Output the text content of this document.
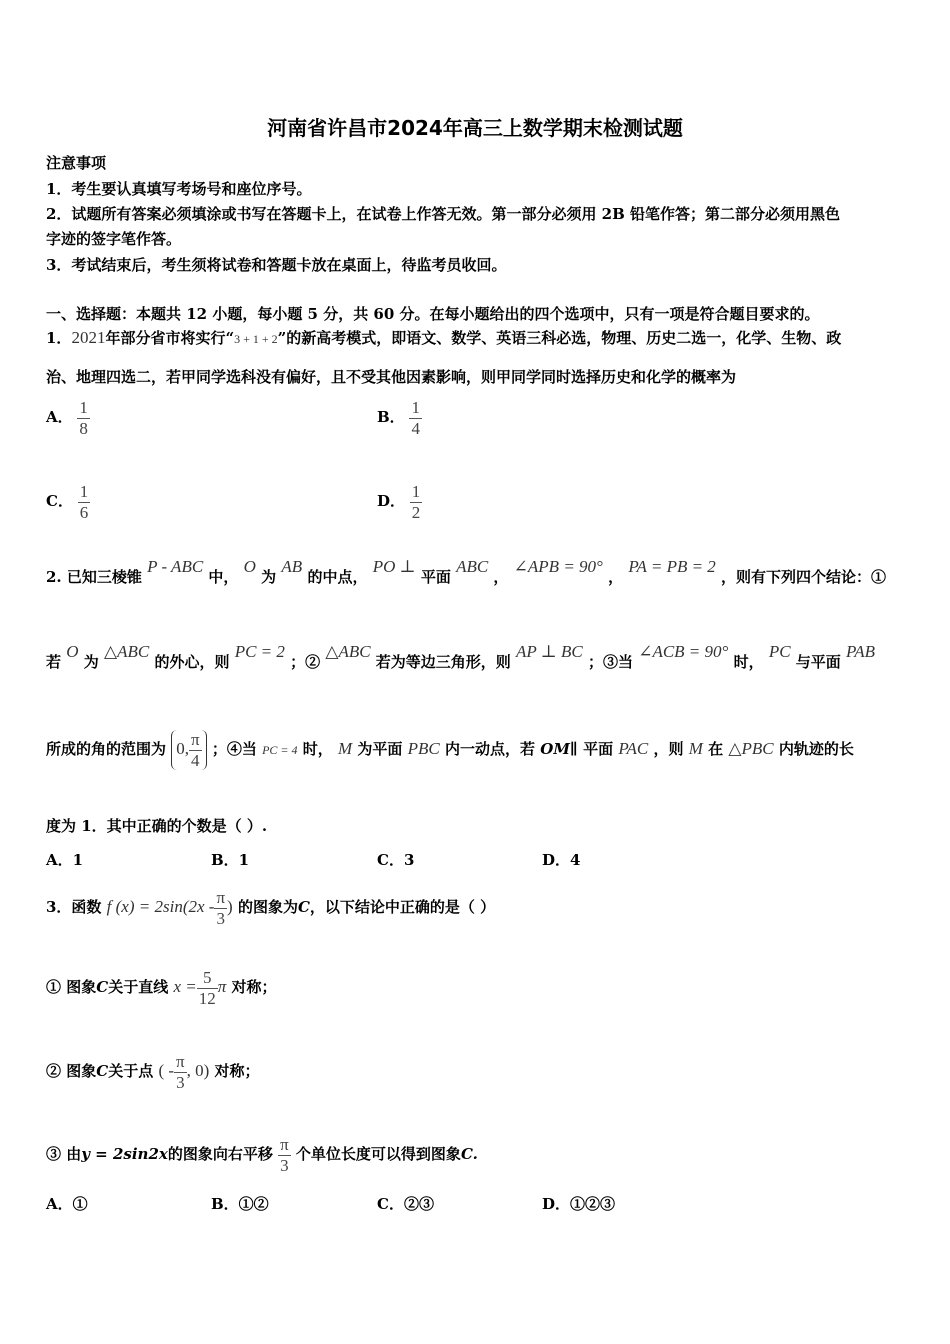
河南省许昌市2024年高三上数学期末检测试题
注意事项
1．考生要认真填写考场号和座位序号。
2．试题所有答案必须填涂或书写在答题卡上，在试卷上作答无效。第一部分必须用 2B 铅笔作答；第二部分必须用黑色
字迹的签字笔作答。
3．考试结束后，考生须将试卷和答题卡放在桌面上，待监考员收回。
一、选择题：本题共 12 小题，每小题 5 分，共 60 分。在每小题给出的四个选项中，只有一项是符合题目要求的。
1．2021年部分省市将实行“3 + 1 + 2”的新高考模式，即语文、数学、英语三科必选，物理、历史二选一，化学、生物、政
治、地理四选二，若甲同学选科没有偏好，且不受其他因素影响，则甲同学同时选择历史和化学的概率为
A． $\frac{1}{8}$	B． $\frac{1}{4}$
C． $\frac{1}{6}$	D． $\frac{1}{2}$
2. 已知三棱锥 P - ABC 中， O 为 AB 的中点， PO ⊥ 平面 ABC ， ∠APB = 90° ， PA = PB = 2 ，则有下列四个结论：①
若 O 为 △ABC 的外心，则 PC = 2 ；② △ABC 若为等边三角形，则 AP ⊥ BC ；③当 ∠ACB = 90° 时， PC 与平面 PAB
所成的角的范围为 0, $\frac{\pi}{4}$ ；④当 PC = 4 时， M 为平面 PBC 内一动点，若 OM∥ 平面 PAC ，则 M 在 △PBC 内轨迹的长
度为 1．其中正确的个数是（ ）.
A．1	B．1	C．3	D．4
3．函数 f $(x) = 2\sin(2x - \frac{\pi}{3}$ ) 的图象为C，以下结论中正确的是（ ）
① 图象C关于直线 $x = \frac{5}{12}$ π 对称；
② 图象C关于点 ( - $\frac{\pi}{3}$ , 0) 对称；
③ 由y = 2sin2x的图象向右平移 $\frac{\pi}{3}$ 个单位长度可以得到图象C.
A．①	B．①②	C．②③	D．①②③
